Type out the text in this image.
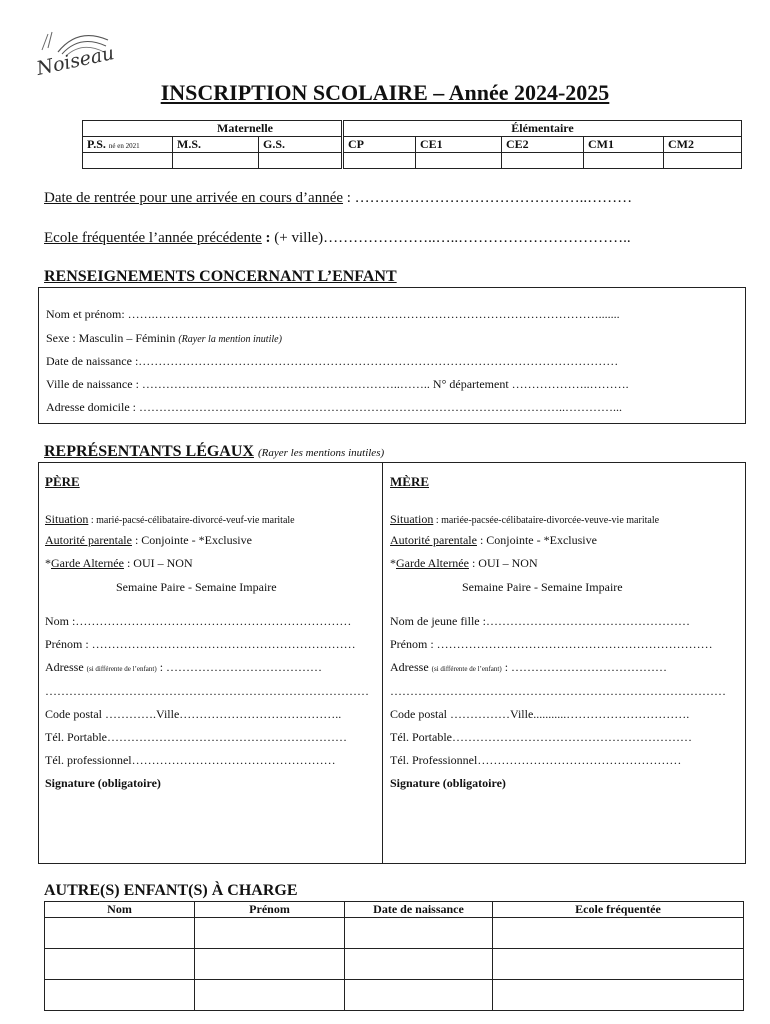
Noiseau
INSCRIPTION SCOLAIRE – Année 2024-2025
Maternelle			Élémentaire				
P.S. né en 2021	M.S.	G.S.	CP	CE1	CE2	CM1	CM2

Date de rentrée pour une arrivée en cours d’année : ………………………………………..………
Ecole fréquentée l’année précédente : (+ ville)…………………..…..……………………………..
RENSEIGNEMENTS CONCERNANT L’ENFANT
Nom et prénom: …….………………………………………………………………………………………………….......
Sexe : Masculin – Féminin (Rayer la mention inutile)
Date de naissance :…………………………………………………………………………………………………………
Ville de naissance : ………………………………………………………..…….. N° département ………………..……….
Adresse domicile : ……………………………………………………………………………………………..…………...
REPRÉSENTANTS LÉGAUX (Rayer les mentions inutiles)
PÈRE
Situation : marié-pacsé-célibataire-divorcé-veuf-vie maritale
Autorité parentale : Conjointe - *Exclusive
*Garde Alternée : OUI – NON
Semaine Paire - Semaine Impaire
Nom :……………………………………………………………
Prénom : …………………………………………………………
Adresse (si différente de l’enfant) : …………………………………
………………………………………………………………………
Code postal ………….Ville…………………………………..
Tél. Portable……………………………………………………
Tél. professionnel……………………………………………
Signature (obligatoire)
MÈRE
Situation : mariée-pacsée-célibataire-divorcée-veuve-vie maritale
Autorité parentale : Conjointe - *Exclusive
*Garde Alternée : OUI – NON
Semaine Paire - Semaine Impaire
Nom de jeune fille :……………………………………………
Prénom : ……………………………………………………………
Adresse (si différente de l’enfant) : …………………………………
…………………………………………………………………………
Code postal ……………Ville...........………………………….
Tél. Portable……………………………………………………
Tél. Professionnel……………………………………………
Signature (obligatoire)
AUTRE(S) ENFANT(S) À CHARGE
Nom	Prénom	Date de naissance	Ecole fréquentée
